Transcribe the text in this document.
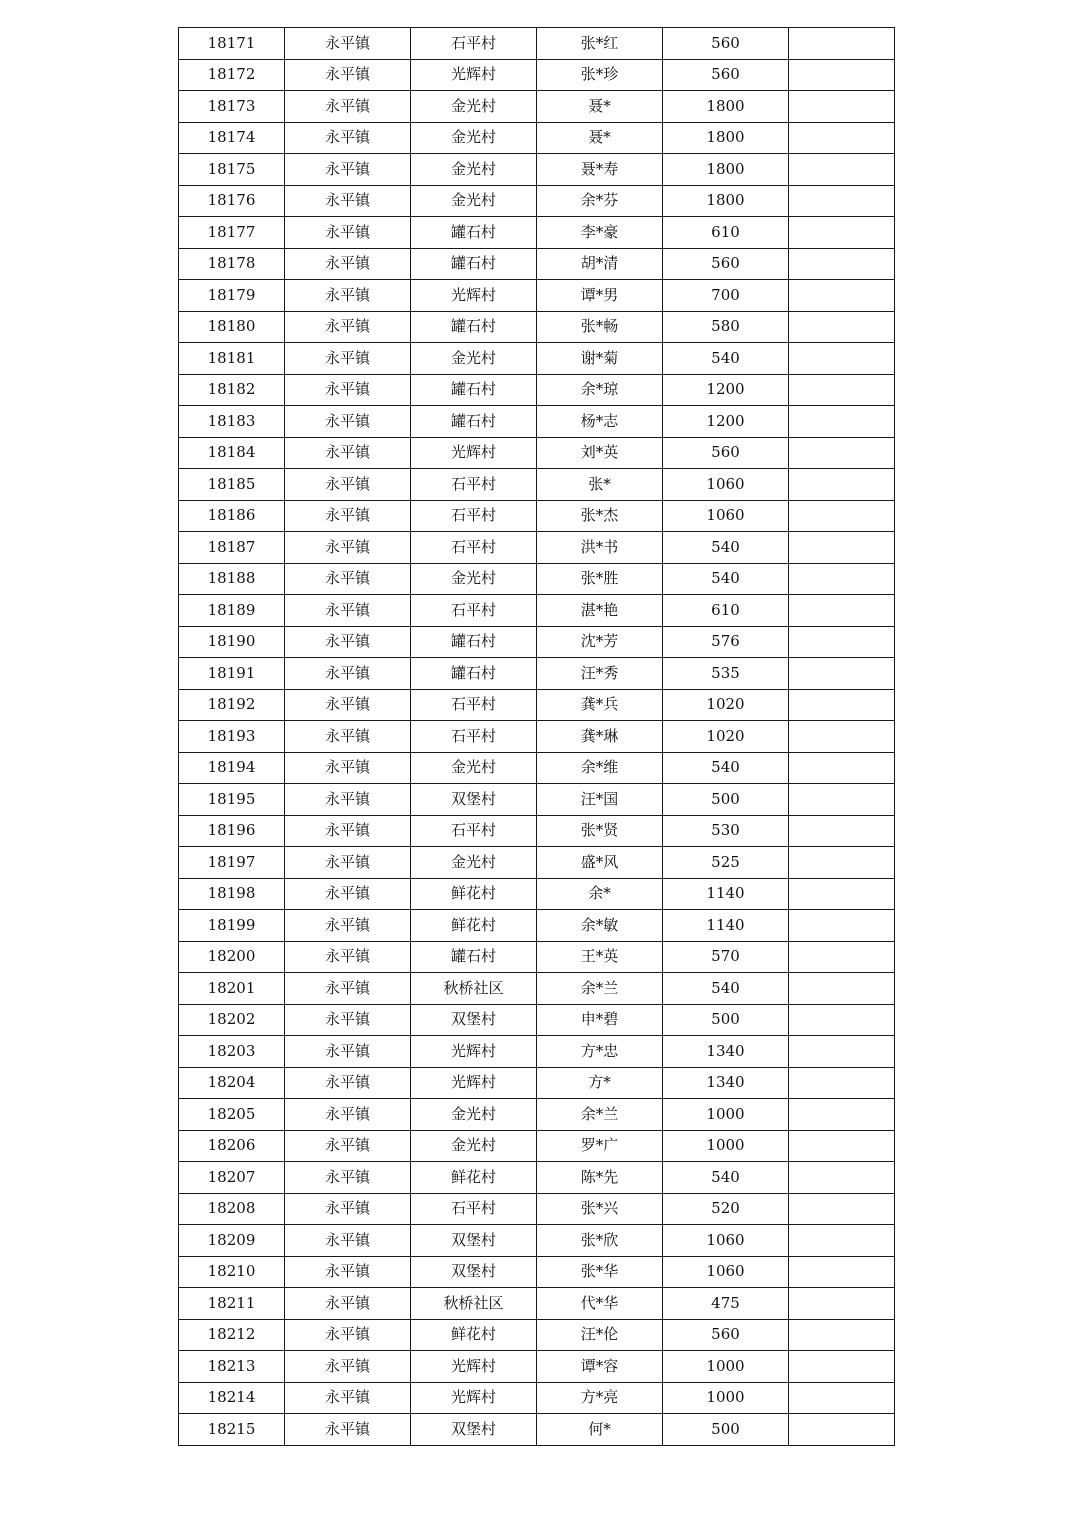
18171	永平镇	石平村	张*红	560	
18172	永平镇	光辉村	张*珍	560	
18173	永平镇	金光村	聂*	1800	
18174	永平镇	金光村	聂*	1800	
18175	永平镇	金光村	聂*寿	1800	
18176	永平镇	金光村	余*芬	1800	
18177	永平镇	罐石村	李*豪	610	
18178	永平镇	罐石村	胡*清	560	
18179	永平镇	光辉村	谭*男	700	
18180	永平镇	罐石村	张*畅	580	
18181	永平镇	金光村	谢*菊	540	
18182	永平镇	罐石村	余*琼	1200	
18183	永平镇	罐石村	杨*志	1200	
18184	永平镇	光辉村	刘*英	560	
18185	永平镇	石平村	张*	1060	
18186	永平镇	石平村	张*杰	1060	
18187	永平镇	石平村	洪*书	540	
18188	永平镇	金光村	张*胜	540	
18189	永平镇	石平村	湛*艳	610	
18190	永平镇	罐石村	沈*芳	576	
18191	永平镇	罐石村	汪*秀	535	
18192	永平镇	石平村	龚*兵	1020	
18193	永平镇	石平村	龚*琳	1020	
18194	永平镇	金光村	余*维	540	
18195	永平镇	双堡村	汪*国	500	
18196	永平镇	石平村	张*贤	530	
18197	永平镇	金光村	盛*风	525	
18198	永平镇	鲜花村	余*	1140	
18199	永平镇	鲜花村	余*敏	1140	
18200	永平镇	罐石村	王*英	570	
18201	永平镇	秋桥社区	余*兰	540	
18202	永平镇	双堡村	申*碧	500	
18203	永平镇	光辉村	方*忠	1340	
18204	永平镇	光辉村	方*	1340	
18205	永平镇	金光村	余*兰	1000	
18206	永平镇	金光村	罗*广	1000	
18207	永平镇	鲜花村	陈*先	540	
18208	永平镇	石平村	张*兴	520	
18209	永平镇	双堡村	张*欣	1060	
18210	永平镇	双堡村	张*华	1060	
18211	永平镇	秋桥社区	代*华	475	
18212	永平镇	鲜花村	汪*伦	560	
18213	永平镇	光辉村	谭*容	1000	
18214	永平镇	光辉村	方*亮	1000	
18215	永平镇	双堡村	何*	500	
